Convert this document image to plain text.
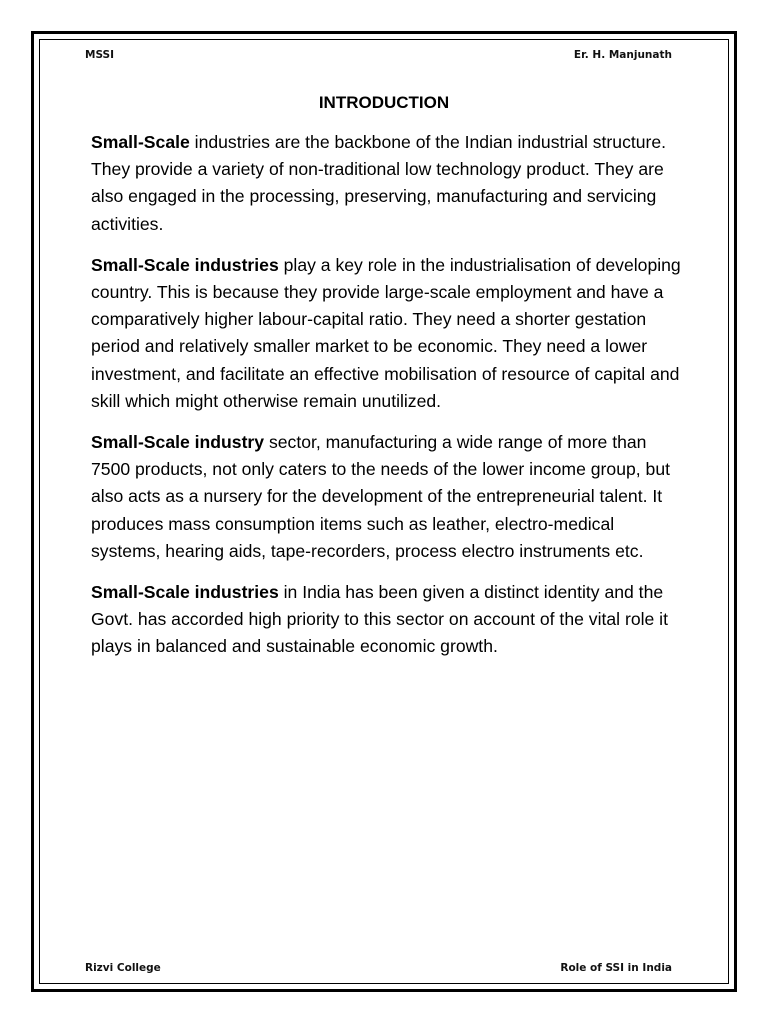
MSSI	Er. H. Manjunath
INTRODUCTION

Small-Scale industries are the backbone of the Indian industrial structure. They provide a variety of non-traditional low technology product. They are also engaged in the processing, preserving, manufacturing and servicing activities.

Small-Scale industries play a key role in the industrialisation of developing country. This is because they provide large-scale employment and have a comparatively higher labour-capital ratio. They need a shorter gestation period and relatively smaller market to be economic. They need a lower investment, and facilitate an effective mobilisation of resource of capital and skill which might otherwise remain unutilized.

Small-Scale industry sector, manufacturing a wide range of more than 7500 products, not only caters to the needs of the lower income group, but also acts as a nursery for the development of the entrepreneurial talent. It produces mass consumption items such as leather, electro-medical systems, hearing aids, tape-recorders, process electro instruments etc.

Small-Scale industries in India has been given a distinct identity and the Govt. has accorded high priority to this sector on account of the vital role it plays in balanced and sustainable economic growth.

Rizvi College	Role of SSI in India
